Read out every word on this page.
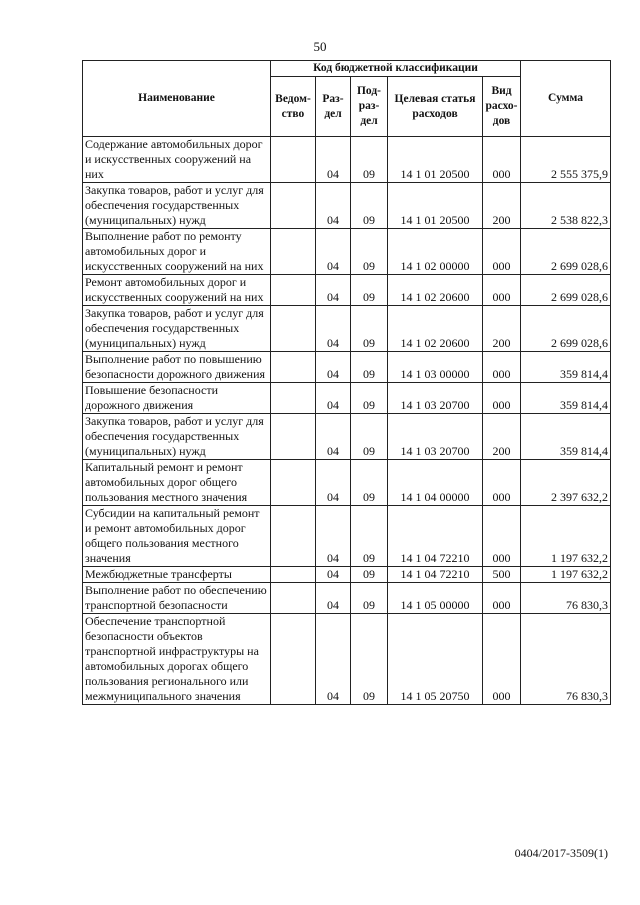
50
Наименование	Код бюджетной классификации					Сумма
	Ведом-ство	Раз-дел	Под-раз-дел	Целевая статья расходов	Вид расхо-дов	
Содержание автомобильных дорог и искусственных сооружений на них		04	09	14 1 01 20500	000	2 555 375,9
Закупка товаров, работ и услуг для обеспечения государственных (муниципальных) нужд		04	09	14 1 01 20500	200	2 538 822,3
Выполнение работ по ремонту автомобильных дорог и искусственных сооружений на них		04	09	14 1 02 00000	000	2 699 028,6
Ремонт автомобильных дорог и искусственных сооружений на них		04	09	14 1 02 20600	000	2 699 028,6
Закупка товаров, работ и услуг для обеспечения государственных (муниципальных) нужд		04	09	14 1 02 20600	200	2 699 028,6
Выполнение работ по повышению безопасности дорожного движения		04	09	14 1 03 00000	000	359 814,4
Повышение безопасности дорожного движения		04	09	14 1 03 20700	000	359 814,4
Закупка товаров, работ и услуг для обеспечения государственных (муниципальных) нужд		04	09	14 1 03 20700	200	359 814,4
Капитальный ремонт и ремонт автомобильных дорог общего пользования местного значения		04	09	14 1 04 00000	000	2 397 632,2
Субсидии на капитальный ремонт и ремонт автомобильных дорог общего пользования местного значения		04	09	14 1 04 72210	000	1 197 632,2
Межбюджетные трансферты		04	09	14 1 04 72210	500	1 197 632,2
Выполнение работ по обеспечению транспортной безопасности		04	09	14 1 05 00000	000	76 830,3
Обеспечение транспортной безопасности объектов транспортной инфраструктуры на автомобильных дорогах общего пользования регионального или межмуниципального значения		04	09	14 1 05 20750	000	76 830,3
0404/2017-3509(1)
